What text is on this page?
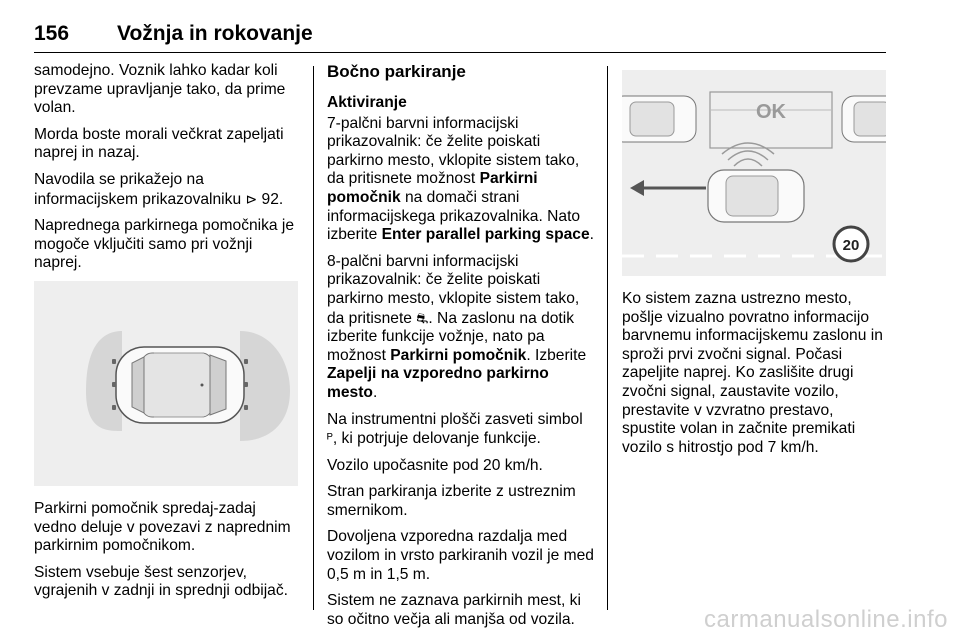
156 Vožnja in rokovanje

samodejno. Voznik lahko kadar koli prevzame upravljanje tako, da prime volan.

Morda boste morali večkrat zapeljati naprej in nazaj.

Navodila se prikažejo na informacijskem prikazovalniku ⊳ 92.

Naprednega parkirnega pomočnika je mogoče vključiti samo pri vožnji naprej.

Parkirni pomočnik spredaj-zadaj vedno deluje v povezavi z naprednim parkirnim pomočnikom.

Sistem vsebuje šest senzorjev, vgrajenih v zadnji in sprednji odbijač.

Bočno parkiranje
Aktiviranje

7-palčni barvni informacijski prikazovalnik: če želite poiskati parkirno mesto, vklopite sistem tako, da pritisnete možnost Parkirni pomočnik na domači strani informacijskega prikazovalnika. Nato izberite Enter parallel parking space.

8-palčni barvni informacijski prikazovalnik: če želite poiskati parkirno mesto, vklopite sistem tako, da pritisnete ⛐. Na zaslonu na dotik izberite funkcije vožnje, nato pa možnost Parkirni pomočnik. Izberite Zapelji na vzporedno parkirno mesto.

Na instrumentni plošči zasveti simbol ᴾ, ki potrjuje delovanje funkcije.

Vozilo upočasnite pod 20 km/h.

Stran parkiranja izberite z ustreznim smernikom.

Dovoljena vzporedna razdalja med vozilom in vrsto parkiranih vozil je med 0,5 m in 1,5 m.

Sistem ne zaznava parkirnih mest, ki so očitno večja ali manjša od vozila.

OK
20

Ko sistem zazna ustrezno mesto, pošlje vizualno povratno informacijo barvnemu informacijskemu zaslonu in sproži prvi zvočni signal. Počasi zapeljite naprej. Ko zaslišite drugi zvočni signal, zaustavite vozilo, prestavite v vzvratno prestavo, spustite volan in začnite premikati vozilo s hitrostjo pod 7 km/h.

carmanualsonline.info
